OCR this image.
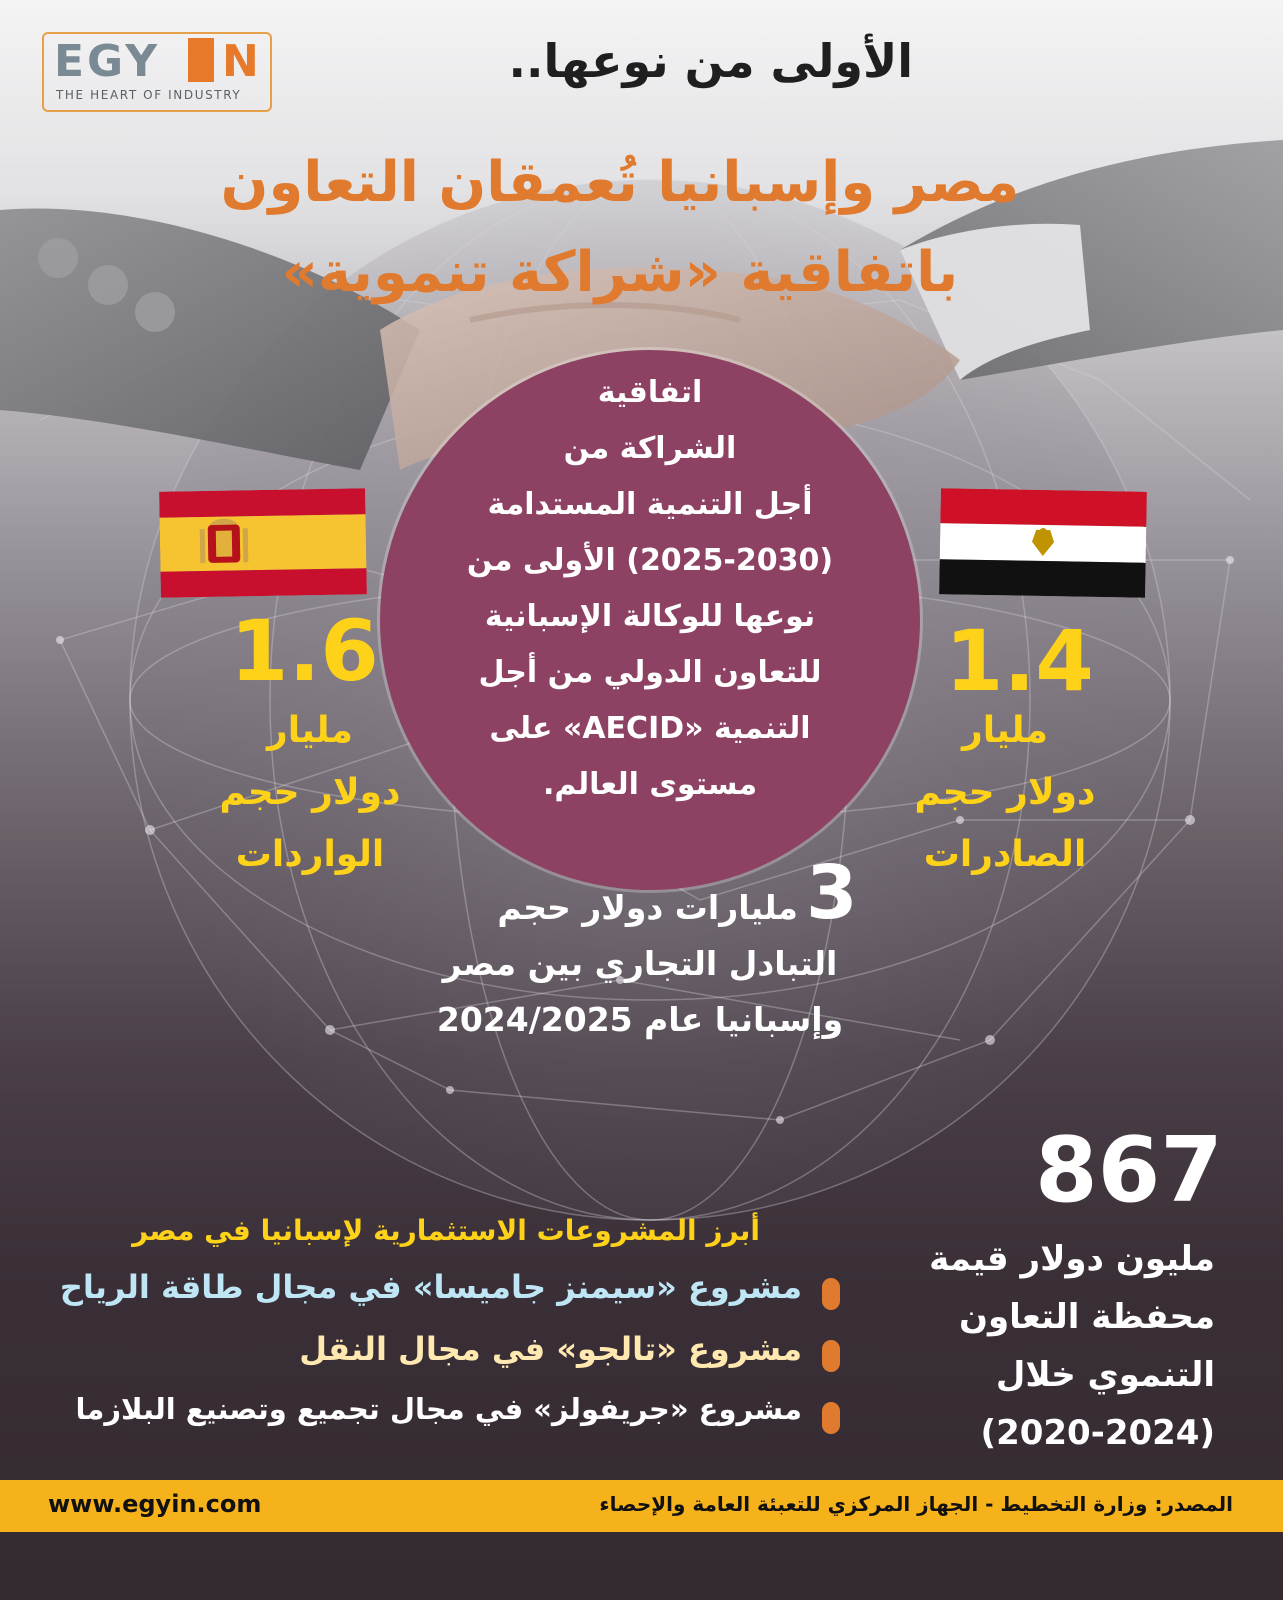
EGY N
THE HEART OF INDUSTRY
الأولى من نوعها..
مصر وإسبانيا تُعمقان التعاون
باتفاقية «شراكة تنموية»
اتفاقية
الشراكة من
أجل التنمية المستدامة
(2025-2030) الأولى من
نوعها للوكالة الإسبانية
للتعاون الدولي من أجل
التنمية «AECID» على
مستوى العالم.
1.6
مليار
دولار حجم
الواردات
1.4
مليار
دولار حجم
الصادرات
3
مليارات دولار حجم
التبادل التجاري بين مصر
وإسبانيا عام 2024/2025
867
مليون دولار قيمة
محفظة التعاون
التنموي خلال
(2020-2024)
أبرز المشروعات الاستثمارية لإسبانيا في مصر
مشروع «سيمنز جاميسا» في مجال طاقة الرياح
مشروع «تالجو» في مجال النقل
مشروع «جريفولز» في مجال تجميع وتصنيع البلازما
www.egyin.com	المصدر: وزارة التخطيط - الجهاز المركزي للتعبئة العامة والإحصاء
